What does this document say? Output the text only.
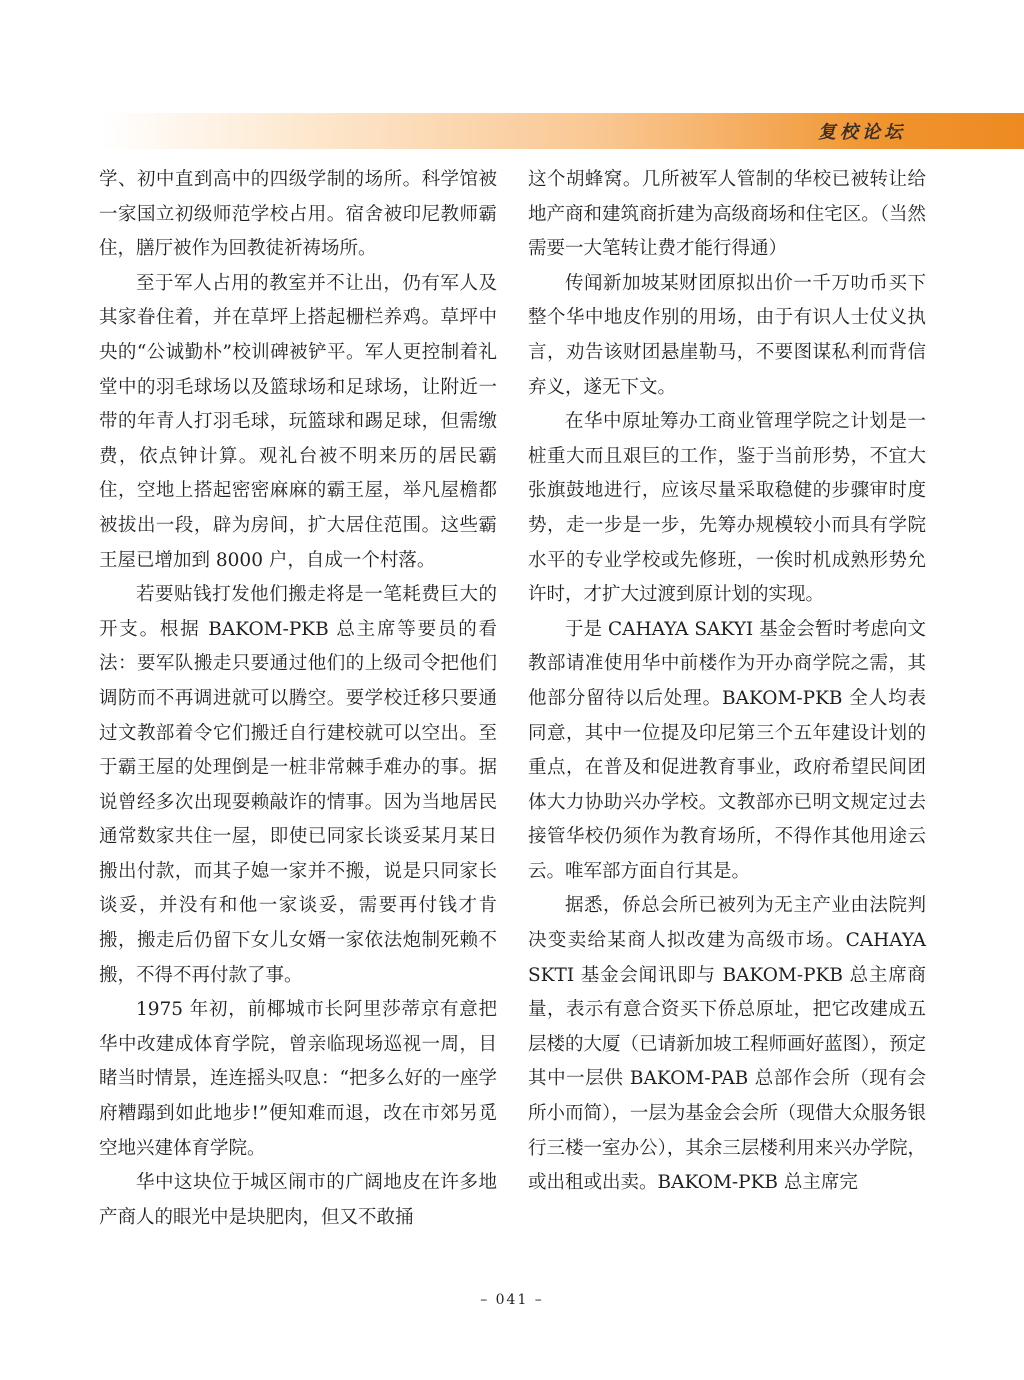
复校论坛

学、初中直到高中的四级学制的场所。科学馆被一家国立初级师范学校占用。宿舍被印尼教师霸住，膳厅被作为回教徒祈祷场所。

至于军人占用的教室并不让出，仍有军人及其家眷住着，并在草坪上搭起栅栏养鸡。草坪中央的“公诚勤朴”校训碑被铲平。军人更控制着礼堂中的羽毛球场以及篮球场和足球场，让附近一带的年青人打羽毛球，玩篮球和踢足球，但需缴费，依点钟计算。观礼台被不明来历的居民霸住，空地上搭起密密麻麻的霸王屋，举凡屋檐都被拔出一段，辟为房间，扩大居住范围。这些霸王屋已增加到 8000 户，自成一个村落。

若要贴钱打发他们搬走将是一笔耗费巨大的开支。根据 BAKOM-PKB 总主席等要员的看法：要军队搬走只要通过他们的上级司令把他们调防而不再调进就可以腾空。要学校迁移只要通过文教部着令它们搬迁自行建校就可以空出。至于霸王屋的处理倒是一桩非常棘手难办的事。据说曾经多次出现耍赖敲诈的情事。因为当地居民通常数家共住一屋，即使已同家长谈妥某月某日搬出付款，而其子媳一家并不搬，说是只同家长谈妥，并没有和他一家谈妥，需要再付钱才肯搬，搬走后仍留下女儿女婿一家依法炮制死赖不搬，不得不再付款了事。

1975 年初，前椰城市长阿里莎蒂京有意把华中改建成体育学院，曾亲临现场巡视一周，目睹当时情景，连连摇头叹息：“把多么好的一座学府糟蹋到如此地步!”便知难而退，改在市郊另觅空地兴建体育学院。

华中这块位于城区闹市的广阔地皮在许多地产商人的眼光中是块肥肉，但又不敢捅

这个胡蜂窝。几所被军人管制的华校已被转让给地产商和建筑商折建为高级商场和住宅区。（当然需要一大笔转让费才能行得通）

传闻新加坡某财团原拟出价一千万叻币买下整个华中地皮作别的用场，由于有识人士仗义执言，劝告该财团悬崖勒马，不要图谋私利而背信弃义，遂无下文。

在华中原址筹办工商业管理学院之计划是一桩重大而且艰巨的工作，鉴于当前形势，不宜大张旗鼓地进行，应该尽量采取稳健的步骤审时度势，走一步是一步，先筹办规模较小而具有学院水平的专业学校或先修班，一俟时机成熟形势允许时，才扩大过渡到原计划的实现。

于是 CAHAYA SAKYI 基金会暂时考虑向文教部请准使用华中前楼作为开办商学院之需，其他部分留待以后处理。BAKOM-PKB 全人均表同意，其中一位提及印尼第三个五年建设计划的重点，在普及和促进教育事业，政府希望民间团体大力协助兴办学校。文教部亦已明文规定过去接管华校仍须作为教育场所，不得作其他用途云云。唯军部方面自行其是。

据悉，侨总会所已被列为无主产业由法院判决变卖给某商人拟改建为高级市场。CAHAYA SKTI 基金会闻讯即与 BAKOM-PKB 总主席商量，表示有意合资买下侨总原址，把它改建成五层楼的大厦（已请新加坡工程师画好蓝图），预定其中一层供 BAKOM-PAB 总部作会所（现有会所小而简），一层为基金会会所（现借大众服务银行三楼一室办公），其余三层楼利用来兴办学院，或出租或出卖。BAKOM-PKB 总主席完

– 041 –
